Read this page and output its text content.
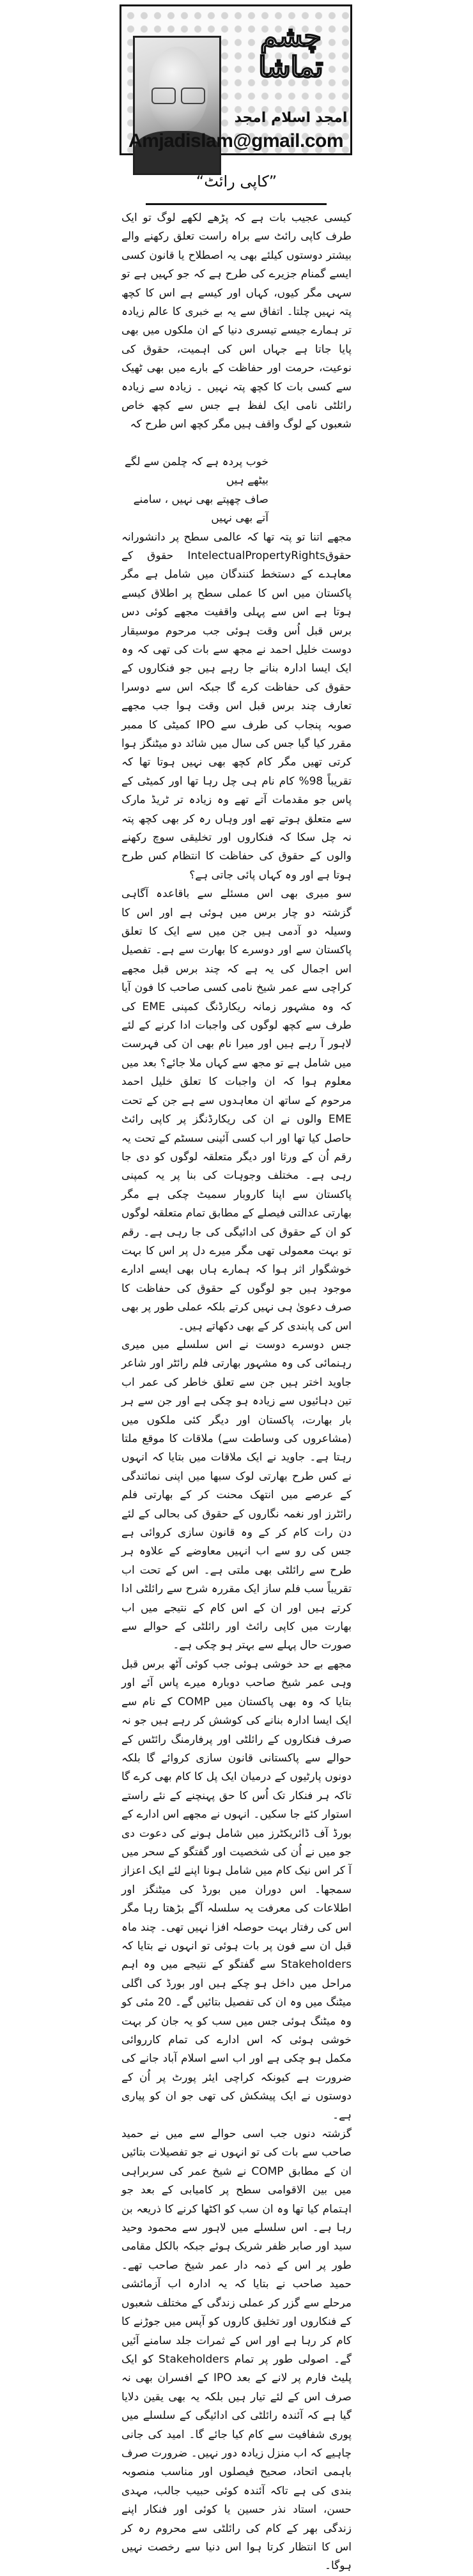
چشم تماشا
امجد اسلام امجد
Amjadislam@gmail.com
”کاپی رائٹ“

کیسی عجیب بات ہے کہ پڑھے لکھے لوگ تو ایک طرف کاپی رائٹ سے براہ راست تعلق رکھنے والے بیشتر دوستوں کیلئے بھی یہ اصطلاح یا قانون کسی ایسے گمنام جزیرے کی طرح ہے کہ جو کہیں ہے تو سہی مگر کیوں، کہاں اور کیسے ہے اس کا کچھ پتہ نہیں چلتا۔ اتفاق سے یہ بے خبری کا عالم زیادہ تر ہمارے جیسے تیسری دنیا کے ان ملکوں میں بھی پایا جاتا ہے جہاں اس کی اہمیت، حقوق کی نوعیت، حرمت اور حفاظت کے بارے میں بھی ٹھیک سے کسی بات کا کچھ پتہ نہیں ۔ زیادہ سے زیادہ رائلٹی نامی ایک لفظ ہے جس سے کچھ خاص شعبوں کے لوگ واقف ہیں مگر کچھ اس طرح کہ

خوب پردہ ہے کہ چلمن سے لگے بیٹھے ہیں

صاف چھپتے بھی نہیں ، سامنے آتے بھی نہیں

مجھے اتنا تو پتہ تھا کہ عالمی سطح پر دانشورانہ حقوقIntelectualPropertyRights حقوق کے معاہدے کے دستخط کنندگان میں شامل ہے مگر پاکستان میں اس کا عملی سطح پر اطلاق کیسے ہوتا ہے اس سے پہلی واقفیت مجھے کوئی دس برس قبل اُس وقت ہوئی جب مرحوم موسیقار دوست خلیل احمد نے مجھ سے بات کی تھی کہ وہ ایک ایسا ادارہ بنانے جا رہے ہیں جو فنکاروں کے حقوق کی حفاظت کرے گا جبکہ اس سے دوسرا تعارف چند برس قبل اس وقت ہوا جب مجھے صوبہ پنجاب کی طرف سے IPO کمیٹی کا ممبر مقرر کیا گیا جس کی سال میں شائد دو میٹنگز ہوا کرتی تھیں مگر کام کچھ بھی نہیں ہوتا تھا کہ تقریباً 98% کام نام ہی چل رہا تھا اور کمیٹی کے پاس جو مقدمات آتے تھے وہ زیادہ تر ٹریڈ مارک سے متعلق ہوتے تھے اور وہاں رہ کر بھی کچھ پتہ نہ چل سکا کہ فنکاروں اور تخلیقی سوچ رکھنے والوں کے حقوق کی حفاظت کا انتظام کس طرح ہوتا ہے اور وہ کہاں پائی جاتی ہے؟

سو میری بھی اس مسئلے سے باقاعدہ آگاہی گزشتہ دو چار برس میں ہوئی ہے اور اس کا وسیلہ دو آدمی ہیں جن میں سے ایک کا تعلق پاکستان سے اور دوسرے کا بھارت سے ہے۔ تفصیل اس اجمال کی یہ ہے کہ چند برس قبل مجھے کراچی سے عمر شیخ نامی کسی صاحب کا فون آیا کہ وہ مشہور زمانہ ریکارڈنگ کمپنی EME کی طرف سے کچھ لوگوں کی واجبات ادا کرنے کے لئے لاہور آ رہے ہیں اور میرا نام بھی ان کی فہرست میں شامل ہے تو مجھ سے کہاں ملا جائے؟ بعد میں معلوم ہوا کہ ان واجبات کا تعلق خلیل احمد مرحوم کے ساتھ ان معاہدوں سے ہے جن کے تحت EME والوں نے ان کی ریکارڈنگز پر کاپی رائٹ حاصل کیا تھا اور اب کسی آئینی سسٹم کے تحت یہ رقم اُن کے ورثا اور دیگر متعلقہ لوگوں کو دی جا رہی ہے۔ مختلف وجوہات کی بنا پر یہ کمپنی پاکستان سے اپنا کاروبار سمیٹ چکی ہے مگر بھارتی عدالتی فیصلے کے مطابق تمام متعلقہ لوگوں کو ان کے حقوق کی ادائیگی کی جا رہی ہے۔ رقم تو بہت معمولی تھی مگر میرے دل پر اس کا بہت خوشگوار اثر ہوا کہ ہمارے ہاں بھی ایسے ادارے موجود ہیں جو لوگوں کے حقوق کی حفاظت کا صرف دعویٰ ہی نہیں کرتے بلکہ عملی طور پر بھی اس کی پابندی کر کے بھی دکھاتے ہیں۔

جس دوسرے دوست نے اس سلسلے میں میری رہنمائی کی وہ مشہور بھارتی فلم رائٹر اور شاعر جاوید اختر ہیں جن سے تعلق خاطر کی عمر اب تین دہائیوں سے زیادہ ہو چکی ہے اور جن سے ہر بار بھارت، پاکستان اور دیگر کئی ملکوں میں (مشاعروں کی وساطت سے) ملاقات کا موقع ملتا رہتا ہے۔ جاوید نے ایک ملاقات میں بتایا کہ انہوں نے کس طرح بھارتی لوک سبھا میں اپنی نمائندگی کے عرصے میں انتھک محنت کر کے بھارتی فلم رائٹرز اور نغمہ نگاروں کے حقوق کی بحالی کے لئے دن رات کام کر کے وہ قانون سازی کروائی ہے جس کی رو سے اب انہیں معاوضے کے علاوہ ہر طرح سے رائلٹی بھی ملتی ہے۔ اس کے تحت اب تقریباً سب فلم ساز ایک مقررہ شرح سے رائلٹی ادا کرتے ہیں اور ان کے اس کام کے نتیجے میں اب بھارت میں کاپی رائٹ اور رائلٹی کے حوالے سے صورت حال پہلے سے بہتر ہو چکی ہے۔

مجھے بے حد خوشی ہوئی جب کوئی آٹھ برس قبل وہی عمر شیخ صاحب دوبارہ میرے پاس آئے اور بتایا کہ وہ بھی پاکستان میں COMP کے نام سے ایک ایسا ادارہ بنانے کی کوشش کر رہے ہیں جو نہ صرف فنکاروں کے رائلٹی اور پرفارمنگ رائٹس کے حوالے سے پاکستانی قانون سازی کروائے گا بلکہ دونوں پارٹیوں کے درمیان ایک پل کا کام بھی کرے گا تاکہ ہر فنکار تک اُس کا حق پہنچنے کے نئے راستے استوار کئے جا سکیں۔ انہوں نے مجھے اس ادارے کے بورڈ آف ڈائریکٹرز میں شامل ہونے کی دعوت دی جو میں نے اُن کی شخصیت اور گفتگو کے سحر میں آ کر اس نیک کام میں شامل ہونا اپنے لئے ایک اعزاز سمجھا۔ اس دوران میں بورڈ کی میٹنگز اور اطلاعات کی معرفت یہ سلسلہ آگے بڑھتا رہا مگر اس کی رفتار بہت حوصلہ افزا نہیں تھی۔ چند ماہ قبل ان سے فون پر بات ہوئی تو انہوں نے بتایا کہ Stakeholders سے گفتگو کے نتیجے میں وہ اہم مراحل میں داخل ہو چکے ہیں اور بورڈ کی اگلی میٹنگ میں وہ ان کی تفصیل بتائیں گے۔ 20 مئی کو وہ میٹنگ ہوئی جس میں سب کو یہ جان کر بہت خوشی ہوئی کہ اس ادارے کی تمام کارروائی مکمل ہو چکی ہے اور اب اسے اسلام آباد جانے کی ضرورت ہے کیونکہ کراچی ایئر پورٹ پر اُن کے دوستوں نے ایک پیشکش کی تھی جو ان کو پیاری ہے۔

گزشتہ دنوں جب اسی حوالے سے میں نے حمید صاحب سے بات کی تو انہوں نے جو تفصیلات بتائیں ان کے مطابق COMP نے شیخ عمر کی سربراہی میں بین الاقوامی سطح پر کامیابی کے بعد جو اہتمام کیا تھا وہ ان سب کو اکٹھا کرنے کا ذریعہ بن رہا ہے۔ اس سلسلے میں لاہور سے محمود وحید سید اور صابر ظفر شریک ہوئے جبکہ بالکل مقامی طور پر اس کے ذمہ دار عمر شیخ صاحب تھے۔ حمید صاحب نے بتایا کہ یہ ادارہ اب آزمائشی مرحلے سے گزر کر عملی زندگی کے مختلف شعبوں کے فنکاروں اور تخلیق کاروں کو آپس میں جوڑنے کا کام کر رہا ہے اور اس کے ثمرات جلد سامنے آئیں گے۔ اصولی طور پر تمام Stakeholders کو ایک پلیٹ فارم پر لانے کے بعد IPO کے افسران بھی نہ صرف اس کے لئے تیار ہیں بلکہ یہ بھی یقین دلایا گیا ہے کہ آئندہ رائلٹی کی ادائیگی کے سلسلے میں پوری شفافیت سے کام کیا جائے گا۔ امید کی جانی چاہیے کہ اب منزل زیادہ دور نہیں۔ ضرورت صرف باہمی اتحاد، صحیح فیصلوں اور مناسب منصوبہ بندی کی ہے تاکہ آئندہ کوئی حبیب جالب، مہدی حسن، استاد نذر حسین یا کوئی اور فنکار اپنے زندگی بھر کے کام کی رائلٹی سے محروم رہ کر اس کا انتظار کرتا ہوا اس دنیا سے رخصت نہیں ہوگا۔
